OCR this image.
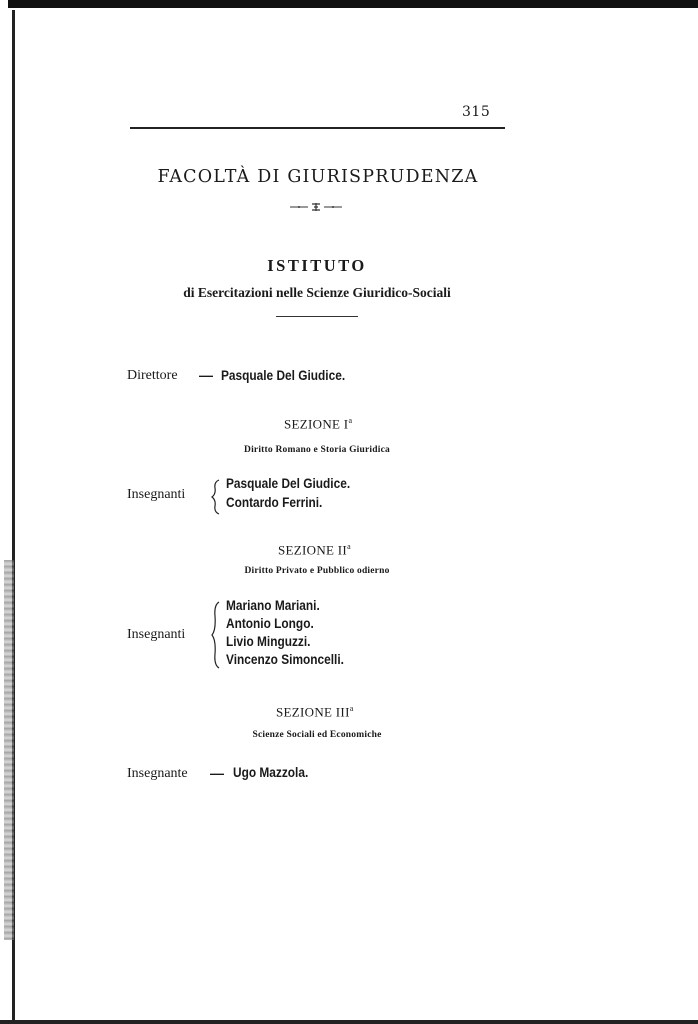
315
FACOLTÀ DI GIURISPRUDENZA
ISTITUTO
di Esercitazioni nelle Scienze Giuridico-Sociali
Direttore — Pasquale Del Giudice.
SEZIONE $I^a$
Diritto Romano e Storia Giuridica
Insegnanti
Pasquale Del Giudice.
Contardo Ferrini.
SEZIONE $II^a$
Diritto Privato e Pubblico odierno
Insegnanti
Mariano Mariani.
Antonio Longo.
Livio Minguzzi.
Vincenzo Simoncelli.
SEZIONE III$^a$
Scienze Sociali ed Economiche
Insegnante — Ugo Mazzola.
